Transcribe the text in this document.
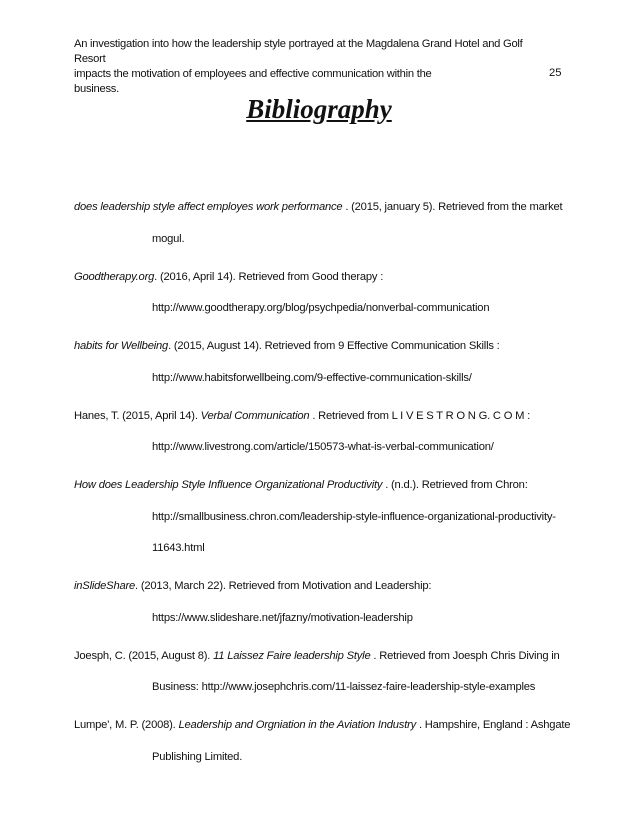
An investigation into how the leadership style portrayed at the Magdalena Grand Hotel and Golf Resort
impacts the motivation of employees and effective communication within the
business.
25
Bibliography
does leadership style affect employes work performance . (2015, january 5). Retrieved from the market
mogul.
Goodtherapy.org. (2016, April 14). Retrieved from Good therapy :
http://www.goodtherapy.org/blog/psychpedia/nonverbal-communication
habits for Wellbeing. (2015, August 14). Retrieved from 9 Effective Communication Skills :
http://www.habitsforwellbeing.com/9-effective-communication-skills/
Hanes, T. (2015, April 14). Verbal Communication . Retrieved from L I V E S T R O N G. C O M :
http://www.livestrong.com/article/150573-what-is-verbal-communication/
How does Leadership Style Influence Organizational Productivity . (n.d.). Retrieved from Chron:
http://smallbusiness.chron.com/leadership-style-influence-organizational-productivity-
11643.html
inSlideShare. (2013, March 22). Retrieved from Motivation and Leadership:
https://www.slideshare.net/jfazny/motivation-leadership
Joesph, C. (2015, August 8). 11 Laissez Faire leadership Style . Retrieved from Joesph Chris Diving in
Business: http://www.josephchris.com/11-laissez-faire-leadership-style-examples
Lumpe', M. P. (2008). Leadership and Orgniation in the Aviation Industry . Hampshire, England : Ashgate
Publishing Limited.
